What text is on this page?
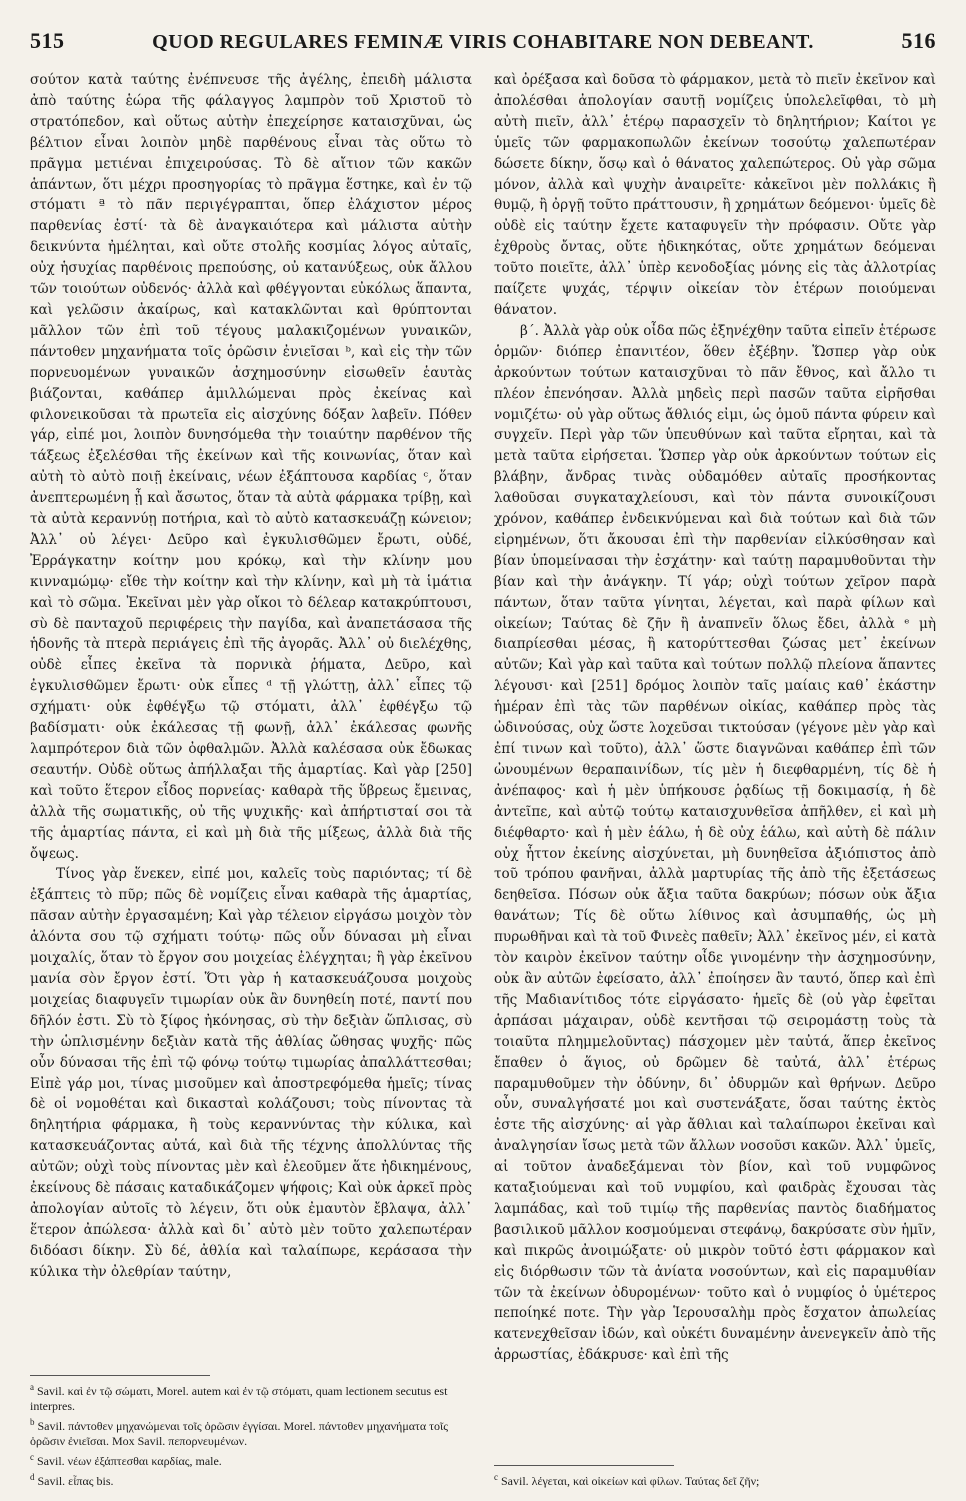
515	QUOD REGULARES FEMINÆ VIRIS COHABITARE NON DEBEANT.	516

σούτον κατὰ ταύτης ἐνέπνευσε τῆς ἀγέλης, ἐπειδὴ μάλιστα ἀπὸ ταύτης ἑώρα τῆς φάλαγγος λαμπρὸν τοῦ Χριστοῦ τὸ στρατόπεδον, καὶ οὕτως αὐτὴν ἐπεχείρησε καταισχῦναι, ὡς βέλτιον εἶναι λοιπὸν μηδὲ παρθένους εἶναι τὰς οὕτω τὸ πρᾶγμα μετιέναι ἐπιχειρούσας. Τὸ δὲ αἴτιον τῶν κακῶν ἁπάντων, ὅτι μέχρι προσηγορίας τὸ πρᾶγμα ἕστηκε, καὶ ἐν τῷ στόματι ª τὸ πᾶν περιγέγραπται, ὅπερ ἐλάχιστον μέρος παρθενίας ἐστί· τὰ δὲ ἀναγκαιότερα καὶ μάλιστα αὐτὴν δεικνύντα ἠμέληται, καὶ οὔτε στολῆς κοσμίας λόγος αὐταῖς, οὐχ ἡσυχίας παρθένοις πρεπούσης, οὐ κατανύξεως, οὐκ ἄλλου τῶν τοιούτων οὐδενός· ἀλλὰ καὶ φθέγγονται εὐκόλως ἅπαντα, καὶ γελῶσιν ἀκαίρως, καὶ κατακλῶνται καὶ θρύπτονται μᾶλλον τῶν ἐπὶ τοῦ τέγους μαλακιζομένων γυναικῶν, πάντοθεν μηχανήματα τοῖς ὁρῶσιν ἐνιεῖσαι ᵇ, καὶ εἰς τὴν τῶν πορνευομένων γυναικῶν ἀσχημοσύνην εἰσωθεῖν ἑαυτὰς βιάζονται, καθάπερ ἁμιλλώμεναι πρὸς ἐκείνας καὶ φιλονεικοῦσαι τὰ πρωτεῖα εἰς αἰσχύνης δόξαν λαβεῖν. Πόθεν γάρ, εἰπέ μοι, λοιπὸν δυνησόμεθα τὴν τοιαύτην παρθένον τῆς τάξεως ἐξελέσθαι τῆς ἐκείνων καὶ τῆς κοινωνίας, ὅταν καὶ αὐτὴ τὸ αὐτὸ ποιῇ ἐκείναις, νέων ἐξάπτουσα καρδίας ᶜ, ὅταν ἀνεπτερωμένη ᾖ καὶ ἄσωτος, ὅταν τὰ αὐτὰ φάρμακα τρίβῃ, καὶ τὰ αὐτὰ κεραννύῃ ποτήρια, καὶ τὸ αὐτὸ κατασκευάζῃ κώνειον; Ἀλλ᾽ οὐ λέγει· Δεῦρο καὶ ἐγκυλισθῶμεν ἔρωτι, οὐδέ, Ἐρράγκατην κοίτην μου κρόκῳ, καὶ τὴν κλίνην μου κινναμώμῳ· εἴθε τὴν κοίτην καὶ τὴν κλίνην, καὶ μὴ τὰ ἱμάτια καὶ τὸ σῶμα. Ἐκεῖναι μὲν γὰρ οἴκοι τὸ δέλεαρ κατακρύπτουσι, σὺ δὲ πανταχοῦ περιφέρεις τὴν παγίδα, καὶ ἀναπετάσασα τῆς ἡδονῆς τὰ πτερὰ περιάγεις ἐπὶ τῆς ἀγορᾶς. Ἀλλ᾽ οὐ διελέχθης, οὐδὲ εἶπες ἐκεῖνα τὰ πορνικὰ ῥήματα, Δεῦρο, καὶ ἐγκυλισθῶμεν ἔρωτι· οὐκ εἶπες ᵈ τῇ γλώττῃ, ἀλλ᾽ εἶπες τῷ σχήματι· οὐκ ἐφθέγξω τῷ στόματι, ἀλλ᾽ ἐφθέγξω τῷ βαδίσματι· οὐκ ἐκάλεσας τῇ φωνῇ, ἀλλ᾽ ἐκάλεσας φωνῆς λαμπρότερον διὰ τῶν ὀφθαλμῶν. Ἀλλὰ καλέσασα οὐκ ἔδωκας σεαυτήν. Οὐδὲ οὕτως ἀπήλλαξαι τῆς ἁμαρτίας. Καὶ γὰρ [250] καὶ τοῦτο ἕτερον εἶδος πορνείας· καθαρὰ τῆς ὕβρεως ἔμεινας, ἀλλὰ τῆς σωματικῆς, οὐ τῆς ψυχικῆς· καὶ ἀπήρτισταί σοι τὰ τῆς ἁμαρτίας πάντα, εἰ καὶ μὴ διὰ τῆς μίξεως, ἀλλὰ διὰ τῆς ὄψεως.

Τίνος γὰρ ἕνεκεν, εἰπέ μοι, καλεῖς τοὺς παριόντας; τί δὲ ἐξάπτεις τὸ πῦρ; πῶς δὲ νομίζεις εἶναι καθαρὰ τῆς ἁμαρτίας, πᾶσαν αὐτὴν ἐργασαμένη; Καὶ γὰρ τέλειον εἰργάσω μοιχὸν τὸν ἁλόντα σου τῷ σχήματι τούτῳ· πῶς οὖν δύνασαι μὴ εἶναι μοιχαλίς, ὅταν τὸ ἔργον σου μοιχείας ἐλέγχηται; ἢ γὰρ ἐκεῖνου μανία σὸν ἔργον ἐστί. Ὅτι γὰρ ἡ κατασκευάζουσα μοιχοὺς μοιχείας διαφυγεῖν τιμωρίαν οὐκ ἂν δυνηθείη ποτέ, παντί που δῆλόν ἐστι. Σὺ τὸ ξίφος ἠκόνησας, σὺ τὴν δεξιὰν ὥπλισας, σὺ τὴν ὡπλισμένην δεξιὰν κατὰ τῆς ἀθλίας ὤθησας ψυχῆς· πῶς οὖν δύνασαι τῆς ἐπὶ τῷ φόνῳ τούτῳ τιμωρίας ἀπαλλάττεσθαι; Εἰπὲ γάρ μοι, τίνας μισοῦμεν καὶ ἀποστρεφόμεθα ἡμεῖς; τίνας δὲ οἱ νομοθέται καὶ δικασταὶ κολάζουσι; τοὺς πίνοντας τὰ δηλητήρια φάρμακα, ἢ τοὺς κεραννύντας τὴν κύλικα, καὶ κατασκευάζοντας αὐτά, καὶ διὰ τῆς τέχνης ἀπολλύντας τῆς αὐτῶν; οὐχὶ τοὺς πίνοντας μὲν καὶ ἐλεοῦμεν ἅτε ἠδικημένους, ἐκείνους δὲ πάσαις καταδικάζομεν ψήφοις; Καὶ οὐκ ἀρκεῖ πρὸς ἀπολογίαν αὐτοῖς τὸ λέγειν, ὅτι οὐκ ἐμαυτὸν ἔβλαψα, ἀλλ᾽ ἕτερον ἀπώλεσα· ἀλλὰ καὶ δι᾽ αὐτὸ μὲν τοῦτο χαλεπωτέραν διδόασι δίκην. Σὺ δέ, ἀθλία καὶ ταλαίπωρε, κεράσασα τὴν κύλικα τὴν ὀλεθρίαν ταύτην,

$^a$ Savil. καὶ ἐν τῷ σώματι, Morel. autem καὶ ἐν τῷ στόματι, quam lectionem secutus est interpres.

$^b$ Savil. πάντοθεν μηχανώμεναι τοῖς ὁρῶσιν ἐγγίσαι. Morel. πάντοθεν μηχανήματα τοῖς ὁρῶσιν ἐνιεῖσαι. Mox Savil. πεπορνευμένων.

$^c$ Savil. νέων ἐξάπτεσθαι καρδίας, male.

$^d$ Savil. εἶπας bis.

καὶ ὀρέξασα καὶ δοῦσα τὸ φάρμακον, μετὰ τὸ πιεῖν ἐκεῖνον καὶ ἀπολέσθαι ἀπολογίαν σαυτῇ νομίζεις ὑπολελεῖφθαι, τὸ μὴ αὐτὴ πιεῖν, ἀλλ᾽ ἑτέρῳ παρασχεῖν τὸ δηλητήριον; Καίτοι γε ὑμεῖς τῶν φαρμακοπωλῶν ἐκείνων τοσούτῳ χαλεπωτέραν δώσετε δίκην, ὅσῳ καὶ ὁ θάνατος χαλεπώτερος. Οὐ γὰρ σῶμα μόνον, ἀλλὰ καὶ ψυχὴν ἀναιρεῖτε· κἀκεῖνοι μὲν πολλάκις ἢ θυμῷ, ἢ ὀργῇ τοῦτο πράττουσιν, ἢ χρημάτων δεόμενοι· ὑμεῖς δὲ οὐδὲ εἰς ταύτην ἔχετε καταφυγεῖν τὴν πρόφασιν. Οὔτε γὰρ ἐχθροὺς ὄντας, οὔτε ἠδικηκότας, οὔτε χρημάτων δεόμεναι τοῦτο ποιεῖτε, ἀλλ᾽ ὑπὲρ κενοδοξίας μόνης εἰς τὰς ἀλλοτρίας παίζετε ψυχάς, τέρψιν οἰκείαν τὸν ἑτέρων ποιούμεναι θάνατον.

β΄. Ἀλλὰ γὰρ οὐκ οἶδα πῶς ἐξηνέχθην ταῦτα εἰπεῖν ἑτέρωσε ὁρμῶν· διόπερ ἐπανιτέον, ὅθεν ἐξέβην. Ὥσπερ γὰρ οὐκ ἀρκούντων τούτων καταισχῦναι τὸ πᾶν ἔθνος, καὶ ἄλλο τι πλέον ἐπενόησαν. Ἀλλὰ μηδεὶς περὶ πασῶν ταῦτα εἰρῆσθαι νομιζέτω· οὐ γὰρ οὕτως ἄθλιός εἰμι, ὡς ὁμοῦ πάντα φύρειν καὶ συγχεῖν. Περὶ γὰρ τῶν ὑπευθύνων καὶ ταῦτα εἴρηται, καὶ τὰ μετὰ ταῦτα εἰρήσεται. Ὥσπερ γὰρ οὐκ ἀρκούντων τούτων εἰς βλάβην, ἄνδρας τινὰς οὐδαμόθεν αὐταῖς προσήκοντας λαθοῦσαι συγκαταχλείουσι, καὶ τὸν πάντα συνοικίζουσι χρόνον, καθάπερ ἐνδεικνύμεναι καὶ διὰ τούτων καὶ διὰ τῶν εἰρημένων, ὅτι ἄκουσαι ἐπὶ τὴν παρθενίαν εἱλκύσθησαν καὶ βίαν ὑπομείνασαι τὴν ἐσχάτην· καὶ ταύτῃ παραμυθοῦνται τὴν βίαν καὶ τὴν ἀνάγκην. Τί γάρ; οὐχὶ τούτων χεῖρον παρὰ πάντων, ὅταν ταῦτα γίνηται, λέγεται, καὶ παρὰ φίλων καὶ οἰκείων; Ταύτας δὲ ζῆν ἢ ἀναπνεῖν ὅλως ἔδει, ἀλλὰ ᵉ μὴ διαπρίεσθαι μέσας, ἢ κατορύττεσθαι ζώσας μετ᾽ ἐκείνων αὐτῶν; Καὶ γὰρ καὶ ταῦτα καὶ τούτων πολλῷ πλείονα ἅπαντες λέγουσι· καὶ [251] δρόμος λοιπὸν ταῖς μαίαις καθ᾽ ἑκάστην ἡμέραν ἐπὶ τὰς τῶν παρθένων οἰκίας, καθάπερ πρὸς τὰς ὠδινούσας, οὐχ ὥστε λοχεῦσαι τικτούσαν (γέγονε μὲν γὰρ καὶ ἐπί τινων καὶ τοῦτο), ἀλλ᾽ ὥστε διαγνῶναι καθάπερ ἐπὶ τῶν ὠνουμένων θεραπαινίδων, τίς μὲν ἡ διεφθαρμένη, τίς δὲ ἡ ἀνέπαφος· καὶ ἡ μὲν ὑπήκουσε ῥᾳδίως τῇ δοκιμασίᾳ, ἡ δὲ ἀντεῖπε, καὶ αὐτῷ τούτῳ καταισχυνθεῖσα ἀπῆλθεν, εἰ καὶ μὴ διέφθαρτο· καὶ ἡ μὲν ἑάλω, ἡ δὲ οὐχ ἑάλω, καὶ αὐτὴ δὲ πάλιν οὐχ ἧττον ἐκείνης αἰσχύνεται, μὴ δυνηθεῖσα ἀξιόπιστος ἀπὸ τοῦ τρόπου φανῆναι, ἀλλὰ μαρτυρίας τῆς ἀπὸ τῆς ἐξετάσεως δεηθεῖσα. Πόσων οὐκ ἄξια ταῦτα δακρύων; πόσων οὐκ ἄξια θανάτων; Τίς δὲ οὕτω λίθινος καὶ ἀσυμπαθής, ὡς μὴ πυρωθῆναι καὶ τὰ τοῦ Φινεὲς παθεῖν; Ἀλλ᾽ ἐκεῖνος μέν, εἰ κατὰ τὸν καιρὸν ἐκεῖνον ταύτην οἶδε γινομένην τὴν ἀσχημοσύνην, οὐκ ἂν αὐτῶν ἐφείσατο, ἀλλ᾽ ἐποίησεν ἂν ταυτό, ὅπερ καὶ ἐπὶ τῆς Μαδιανίτιδος τότε εἰργάσατο· ἡμεῖς δὲ (οὐ γὰρ ἐφεῖται ἁρπάσαι μάχαιραν, οὐδὲ κεντῆσαι τῷ σειρομάστῃ τοὺς τὰ τοιαῦτα πλημμελοῦντας) πάσχομεν μὲν ταὐτά, ἅπερ ἐκεῖνος ἔπαθεν ὁ ἅγιος, οὐ δρῶμεν δὲ ταὐτά, ἀλλ᾽ ἑτέρως παραμυθοῦμεν τὴν ὀδύνην, δι᾽ ὀδυρμῶν καὶ θρήνων. Δεῦρο οὖν, συναλγήσατέ μοι καὶ συστενάξατε, ὅσαι ταύτης ἐκτὸς ἐστε τῆς αἰσχύνης· αἱ γὰρ ἄθλιαι καὶ ταλαίπωροι ἐκεῖναι καὶ ἀναλγησίαν ἴσως μετὰ τῶν ἄλλων νοσοῦσι κακῶν. Ἀλλ᾽ ὑμεῖς, αἱ τοῦτον ἀναδεξάμεναι τὸν βίον, καὶ τοῦ νυμφῶνος καταξιούμεναι καὶ τοῦ νυμφίου, καὶ φαιδρὰς ἔχουσαι τὰς λαμπάδας, καὶ τοῦ τιμίῳ τῆς παρθενίας παντὸς διαδήματος βασιλικοῦ μᾶλλον κοσμούμεναι στεφάνῳ, δακρύσατε σὺν ἡμῖν, καὶ πικρῶς ἀνοιμώξατε· οὐ μικρὸν τοῦτό ἐστι φάρμακον καὶ εἰς διόρθωσιν τῶν τὰ ἀνίατα νοσούντων, καὶ εἰς παραμυθίαν τῶν τὰ ἐκείνων ὀδυρομένων· τοῦτο καὶ ὁ νυμφίος ὁ ὑμέτερος πεποίηκέ ποτε. Τὴν γὰρ Ἱερουσαλὴμ πρὸς ἔσχατον ἀπωλείας κατενεχθεῖσαν ἰδών, καὶ οὐκέτι δυναμένην ἀνενεγκεῖν ἀπὸ τῆς ἀρρωστίας, ἐδάκρυσε· καὶ ἐπὶ τῆς

$^c$ Savil. λέγεται, καὶ οἰκείων καὶ φίλων. Ταύτας δεῖ ζῆν;
